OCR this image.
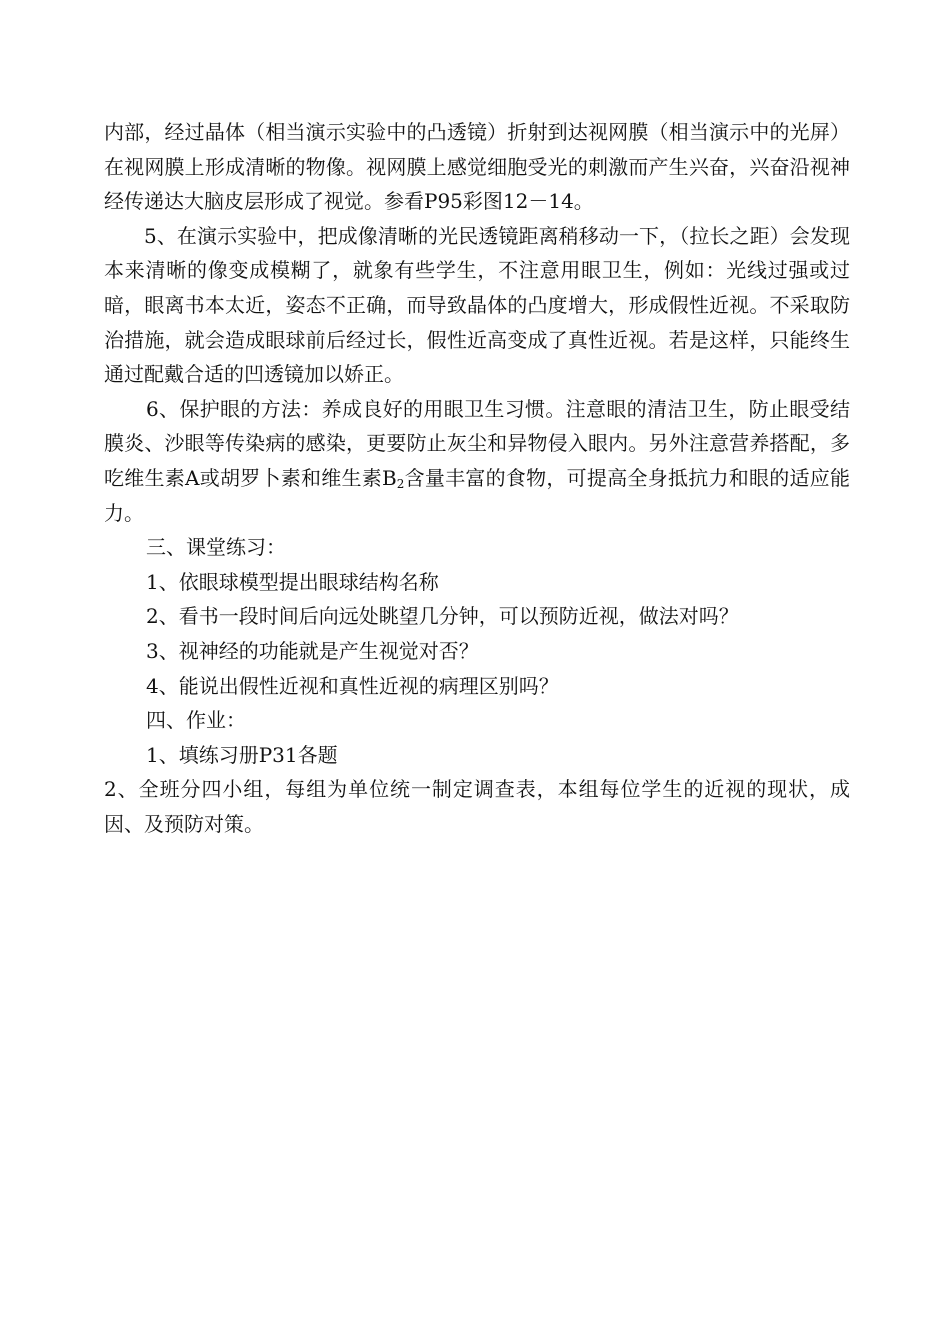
内部，经过晶体（相当演示实验中的凸透镜）折射到达视网膜（相当演示中的光屏）在视网膜上形成清晰的物像。视网膜上感觉细胞受光的刺激而产生兴奋，兴奋沿视神经传递达大脑皮层形成了视觉。参看P95彩图12－14。

5、在演示实验中，把成像清晰的光民透镜距离稍移动一下，（拉长之距）会发现本来清晰的像变成模糊了，就象有些学生，不注意用眼卫生，例如：光线过强或过暗，眼离书本太近，姿态不正确，而导致晶体的凸度增大，形成假性近视。不采取防治措施，就会造成眼球前后经过长，假性近高变成了真性近视。若是这样，只能终生通过配戴合适的凹透镜加以娇正。

6、保护眼的方法：养成良好的用眼卫生习惯。注意眼的清洁卫生，防止眼受结膜炎、沙眼等传染病的感染，更要防止灰尘和异物侵入眼内。另外注意营养搭配，多吃维生素A或胡罗卜素和维生素$B_2$含量丰富的食物，可提高全身抵抗力和眼的适应能力。

三、课堂练习：

1、依眼球模型提出眼球结构名称

2、看书一段时间后向远处眺望几分钟，可以预防近视，做法对吗？

3、视神经的功能就是产生视觉对否？

4、能说出假性近视和真性近视的病理区别吗？

四、作业：

1、填练习册P31各题

2、全班分四小组，每组为单位统一制定调查表，本组每位学生的近视的现状，成因、及预防对策。
